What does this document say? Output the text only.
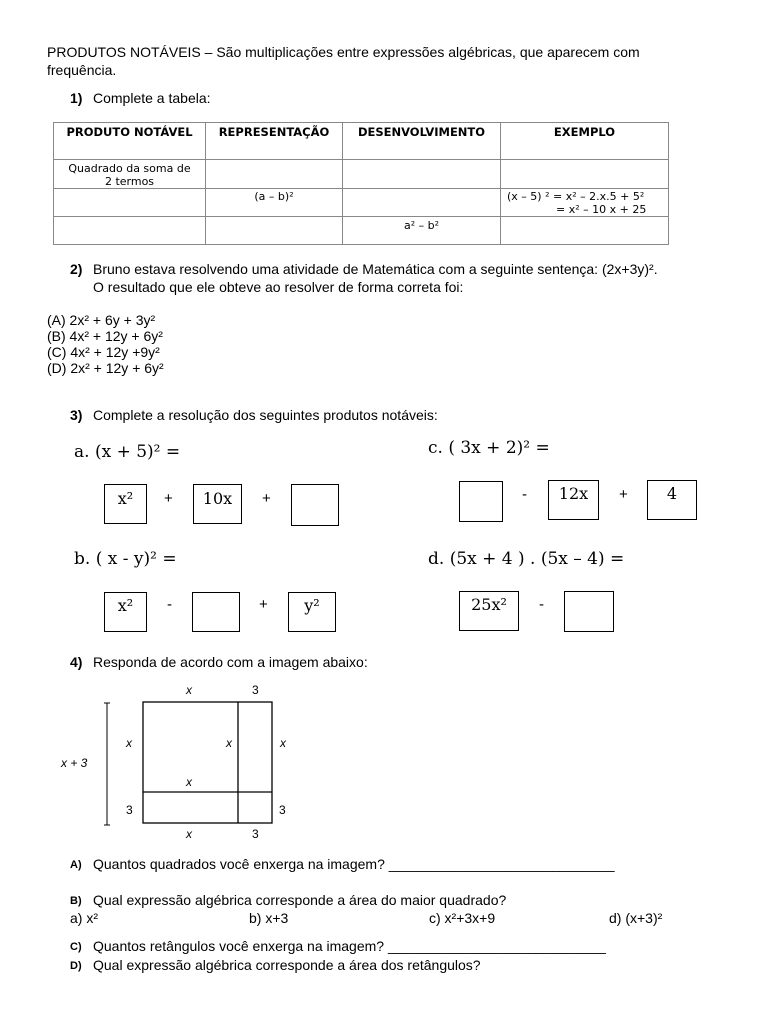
PRODUTOS NOTÁVEIS – São multiplicações entre expressões algébricas, que aparecem com
frequência.
1) Complete a tabela:
PRODUTO NOTÁVEL	REPRESENTAÇÃO	DESENVOLVIMENTO	EXEMPLO

Quadrado da soma de
2 termos			

	(a – b)²		(x – 5) ² = x² – 2.x.5 + 5²
= x² – 10 x + 25

		a² – b²	

2) Bruno estava resolvendo uma atividade de Matemática com a seguinte sentença: (2x+3y)².
O resultado que ele obteve ao resolver de forma correta foi:
(A) 2x² + 6y + 3y²
(B) 4x² + 12y + 6y²
(C) 4x² + 12y +9y²
(D) 2x² + 12y + 6y²
3) Complete a resolução dos seguintes produtos notáveis:
a. (x + 5)² =
x²	+	10x	+
c. ( 3x + 2)² =
-	12x	+	4
b. ( x - y)² =
x²	-	+	y²
d. (5x + 4 ) . (5x – 4) =
25x²	-
4) Responda de acordo com a imagem abaixo:
x	3
x + 3
x	x	x
x
3	3
x	3
A) Quantos quadrados você enxerga na imagem? _____________________________
B) Qual expressão algébrica corresponde a área do maior quadrado?
a) x²	b) x+3	c) x²+3x+9	d) (x+3)²
C) Quantos retângulos você enxerga na imagem? ____________________________
D) Qual expressão algébrica corresponde a área dos retângulos?
